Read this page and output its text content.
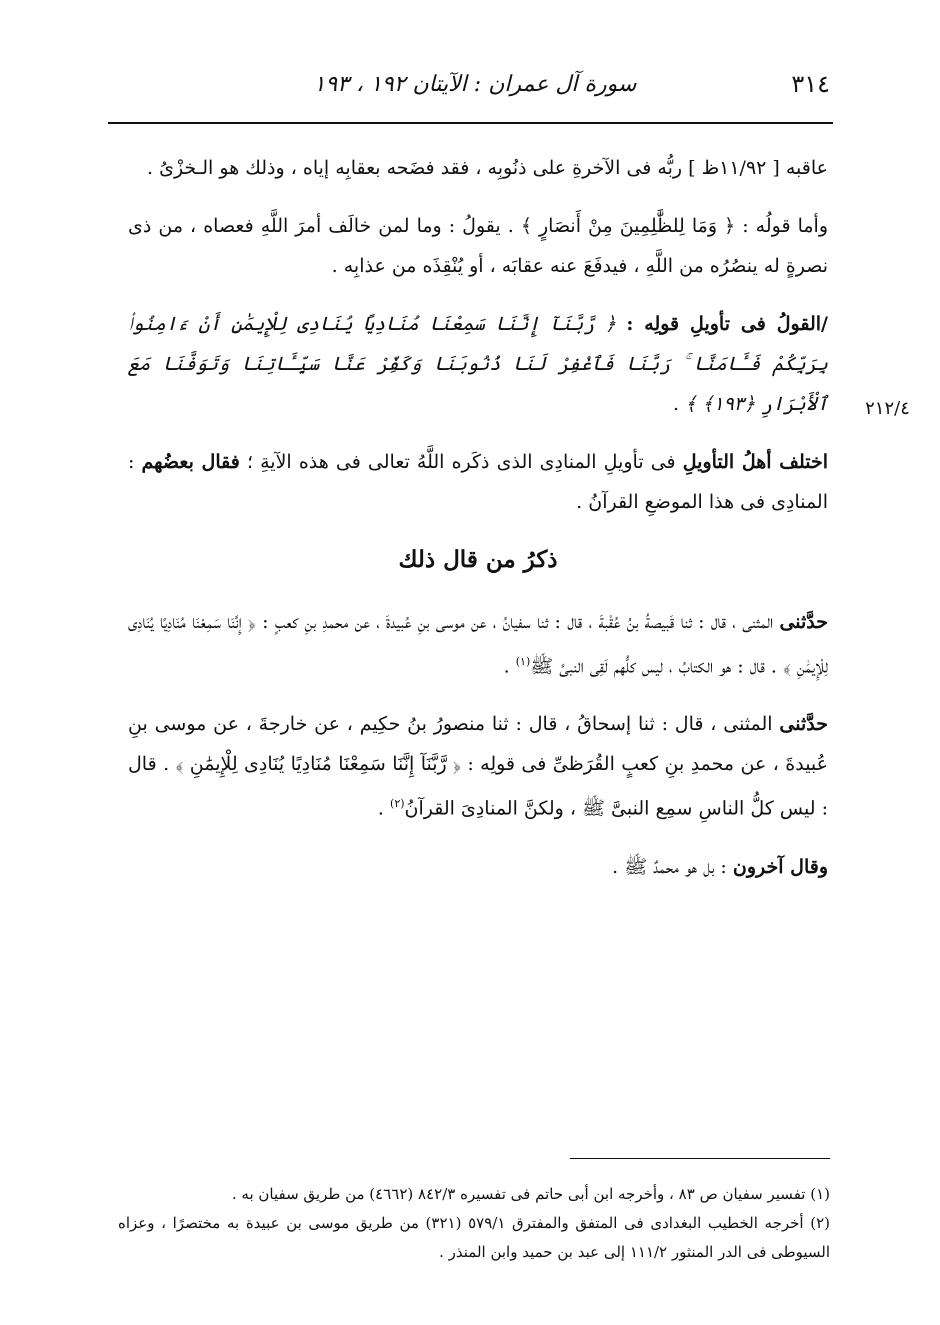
٣١٤
سورة آل عمران : الآيتان ١٩٢ ، ١٩٣
٢١٢/٤

عاقبه [ ١١/٩٢ظ ] ربُّه فى الآخرةِ على ذنُوبِه ، فقد فضَحه بعقابِه إياه ، وذلك هو الـخزْىُ .

وأما قولُه : ﴿ وَمَا لِلظَّٰلِمِينَ مِنْ أَنصَارٍ ﴾ . يقولُ : وما لمن خالَف أمرَ اللَّهِ فعصاه ، من ذى نصرةٍ له ينصُرُه من اللَّهِ ، فيدفَعَ عنه عقابَه ، أو يُنْقِذَه من عذابِه .

/القولُ فى تأويلِ قولِه : ﴿ رَّبَّنَآ إِنَّنَا سَمِعْنَا مُنَادِيًا يُنَادِى لِلْإِيمَٰنِ أَنْ ءَامِنُوا۟ بِرَبِّكُمْ فَـَٔامَنَّا ۚ رَبَّنَا فَٱغْفِرْ لَنَا ذُنُوبَنَا وَكَفِّرْ عَنَّا سَيِّـَٔاتِنَا وَتَوَفَّنَا مَعَ ٱلْأَبْرَارِ ﴿١٩٣﴾ ﴾ .

اختلف أهلُ التأويلِ فى تأويلِ المنادِى الذى ذكَره اللَّهُ تعالى فى هذه الآيةِ ؛ فقال بعضُهم : المنادِى فى هذا الموضعِ القرآنُ .

ذكرُ من قال ذلك

حدَّثنى المثنى ، قال : ثنا قَبيصةُ بنُ عُقْبةَ ، قال : ثنا سفيانُ ، عن موسى بنِ عُبيدةَ ، عن محمدِ بنِ كعبٍ : ﴿ إِنَّنَا سَمِعْنَا مُنَادِيًا يُنَادِى لِلْإِيمَٰنِ ﴾ . قال : هو الكتابُ ، ليس كلُّهم لَقِى النبىَّ ﷺ$^{(١)}$ .

حدَّثنى المثنى ، قال : ثنا إسحاقُ ، قال : ثنا منصورُ بنُ حكِيم ، عن خارجةَ ، عن موسى بنِ عُبيدةَ ، عن محمدِ بنِ كعبٍ القُرَظىِّ فى قولِه : ﴿ رَّبَّنَآ إِنَّنَا سَمِعْنَا مُنَادِيًا يُنَادِى لِلْإِيمَٰنِ ﴾ . قال : ليس كلُّ الناسِ سمِع النبىَّ ﷺ ، ولكنَّ المنادِىَ القرآنُ$^{(٢)}$ .

وقال آخرون : بل هو محمدٌ ﷺ .

(١) تفسير سفيان ص ٨٣ ، وأخرجه ابن أبى حاتم فى تفسيره ٨٤٢/٣ (٤٦٦٢) من طريق سفيان به .

(٢) أخرجه الخطيب البغدادى فى المتفق والمفترق ٥٧٩/١ (٣٢١) من طريق موسى بن عبيدة به مختصرًا ، وعزاه السيوطى فى الدر المنثور ١١١/٢ إلى عبد بن حميد وابن المنذر .
